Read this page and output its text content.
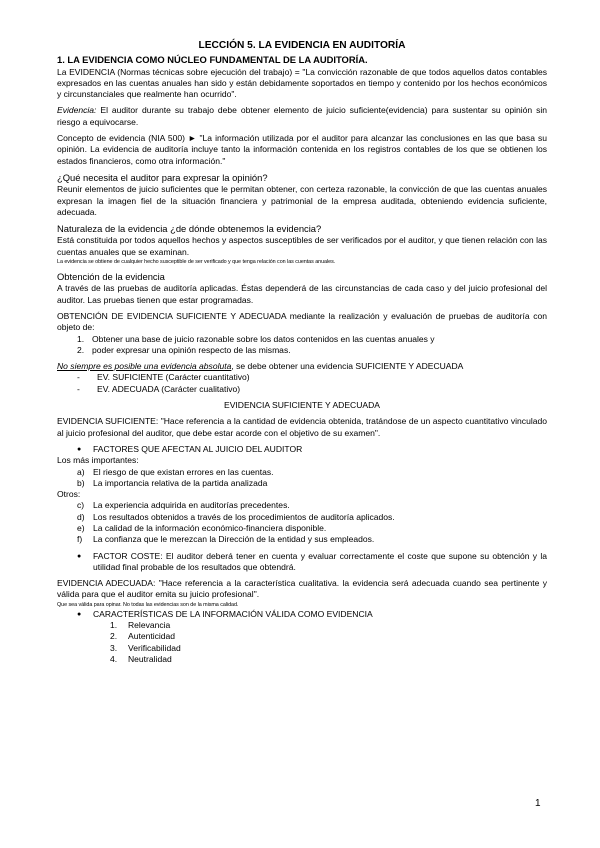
LECCIÓN 5. LA EVIDENCIA EN AUDITORÍA

1. LA EVIDENCIA COMO NÚCLEO FUNDAMENTAL DE LA AUDITORÍA.

La EVIDENCIA (Normas técnicas sobre ejecución del trabajo) = "La convicción razonable de que todos aquellos datos contables expresados en las cuentas anuales han sido y están debidamente soportados en tiempo y contenido por los hechos económicos y circunstanciales que realmente han ocurrido".

Evidencia: El auditor durante su trabajo debe obtener elemento de juicio suficiente(evidencia) para sustentar su opinión sin riesgo a equivocarse.

Concepto de evidencia (NIA 500) ► "La información utilizada por el auditor para alcanzar las conclusiones en las que basa su opinión. La evidencia de auditoría incluye tanto la información contenida en los registros contables de los que se obtienen los estados financieros, como otra información."

¿Qué necesita el auditor para expresar la opinión?

Reunir elementos de juicio suficientes que le permitan obtener, con certeza razonable, la convicción de que las cuentas anuales expresan la imagen fiel de la situación financiera y patrimonial de la empresa auditada, obteniendo evidencia suficiente, adecuada.

Naturaleza de la evidencia ¿de dónde obtenemos la evidencia?

Está constituida por todos aquellos hechos y aspectos susceptibles de ser verificados por el auditor, y que tienen relación con las cuentas anuales que se examinan.

La evidencia se obtiene de cualquier hecho susceptible de ser verificado y que tenga relación con las cuentas anuales.

Obtención de la evidencia

A través de las pruebas de auditoría aplicadas. Éstas dependerá de las circunstancias de cada caso y del juicio profesional del auditor. Las pruebas tienen que estar programadas.

OBTENCIÓN DE EVIDENCIA SUFICIENTE Y ADECUADA mediante la realización y evaluación de pruebas de auditoría con objeto de:

1. Obtener una base de juicio razonable sobre los datos contenidos en las cuentas anuales y
2. poder expresar una opinión respecto de las mismas.

No siempre es posible una evidencia absoluta, se debe obtener una evidencia SUFICIENTE Y ADECUADA

-	EV. SUFICIENTE (Carácter cuantitativo)
-	EV. ADECUADA (Carácter cualitativo)

EVIDENCIA SUFICIENTE Y ADECUADA

EVIDENCIA SUFICIENTE: "Hace referencia a la cantidad de evidencia obtenida, tratándose de un aspecto cuantitativo vinculado al juicio profesional del auditor, que debe estar acorde con el objetivo de su examen".

●	FACTORES QUE AFECTAN AL JUICIO DEL AUDITOR

Los más importantes:

a) El riesgo de que existan errores en las cuentas.
b) La importancia relativa de la partida analizada

Otros:

c)	La experiencia adquirida en auditorías precedentes.
d) Los resultados obtenidos a través de los procedimientos de auditoría aplicados.
e) La calidad de la información económico-financiera disponible.
f)	La confianza que le merezcan la Dirección de la entidad y sus empleados.
●	FACTOR COSTE: El auditor deberá tener en cuenta y evaluar correctamente el coste que supone su obtención y la utilidad final probable de los resultados que obtendrá.

EVIDENCIA ADECUADA: "Hace referencia a la característica cualitativa. la evidencia será adecuada cuando sea pertinente y válida para que el auditor emita su juicio profesional".

Que sea válida para opinar. No todas las evidencias son de la misma calidad.

●	CARACTERÍSTICAS DE LA INFORMACIÓN VÁLIDA COMO EVIDENCIA
1.	Relevancia
2.	Autenticidad
3.	Verificabilidad
4.	Neutralidad
1
